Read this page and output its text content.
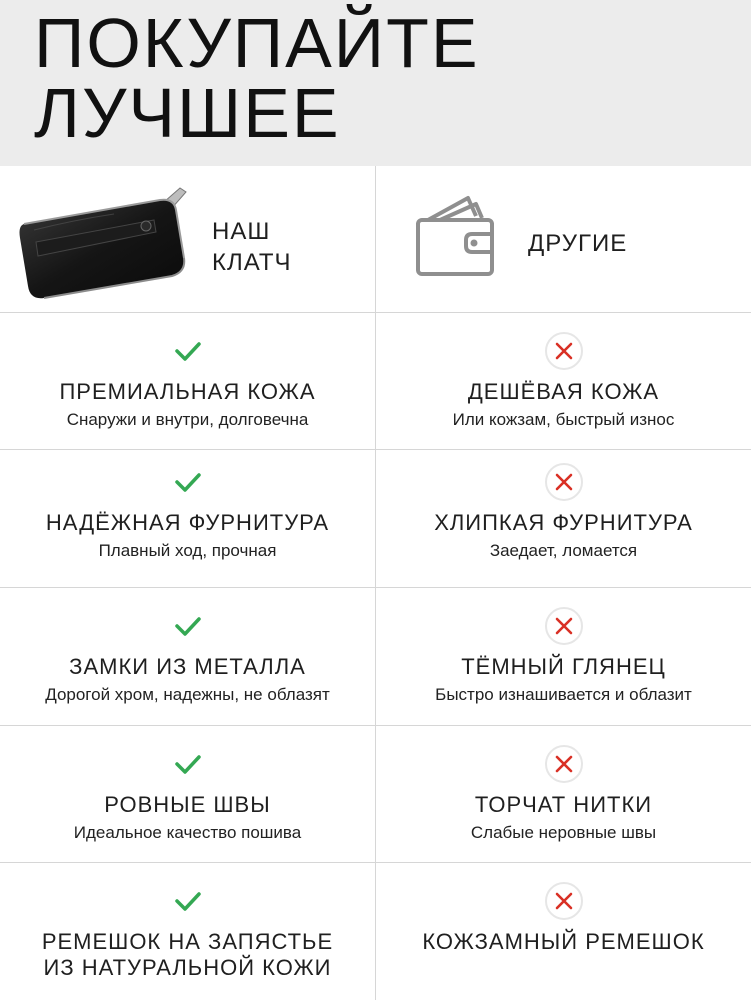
ПОКУПАЙТЕ
ЛУЧШЕЕ
НАШ
КЛАТЧ
ДРУГИЕ
ПРЕМИАЛЬНАЯ КОЖА
Снаружи и внутри, долговечна
ДЕШЁВАЯ КОЖА
Или кожзам, быстрый износ
НАДЁЖНАЯ ФУРНИТУРА
Плавный ход, прочная
ХЛИПКАЯ ФУРНИТУРА
Заедает, ломается
ЗАМКИ ИЗ МЕТАЛЛА
Дорогой хром, надежны, не облазят
ТЁМНЫЙ ГЛЯНЕЦ
Быстро изнашивается и облазит
РОВНЫЕ ШВЫ
Идеальное качество пошива
ТОРЧАТ НИТКИ
Слабые неровные швы
РЕМЕШОК НА ЗАПЯСТЬЕ
ИЗ НАТУРАЛЬНОЙ КОЖИ
КОЖЗАМНЫЙ РЕМЕШОК
